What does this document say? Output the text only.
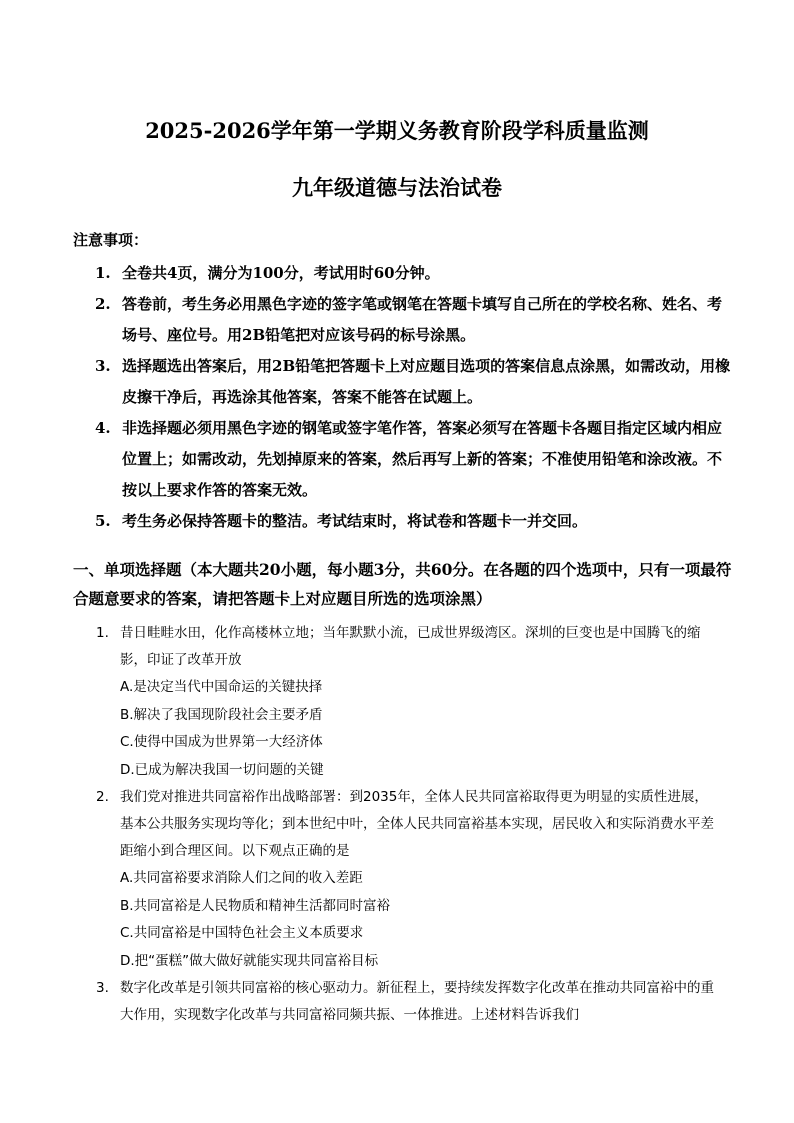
2025-2026学年第一学期义务教育阶段学科质量监测
九年级道德与法治试卷
注意事项：
1. 全卷共4页，满分为100分，考试用时60分钟。
2. 答卷前，考生务必用黑色字迹的签字笔或钢笔在答题卡填写自己所在的学校名称、姓名、考场号、座位号。用2B铅笔把对应该号码的标号涂黑。
3. 选择题选出答案后，用2B铅笔把答题卡上对应题目选项的答案信息点涂黑，如需改动，用橡皮擦干净后，再选涂其他答案，答案不能答在试题上。
4. 非选择题必须用黑色字迹的钢笔或签字笔作答，答案必须写在答题卡各题目指定区域内相应位置上；如需改动，先划掉原来的答案，然后再写上新的答案；不准使用铅笔和涂改液。不按以上要求作答的答案无效。
5. 考生务必保持答题卡的整洁。考试结束时，将试卷和答题卡一并交回。
一、单项选择题（本大题共20小题，每小题3分，共60分。在各题的四个选项中，只有一项最符合题意要求的答案，请把答题卡上对应题目所选的选项涂黑）
1. 昔日畦畦水田，化作高楼林立地；当年默默小流，已成世界级湾区。深圳的巨变也是中国腾飞的缩影，印证了改革开放
A.是决定当代中国命运的关键抉择
B.解决了我国现阶段社会主要矛盾
C.使得中国成为世界第一大经济体
D.已成为解决我国一切问题的关键
2. 我们党对推进共同富裕作出战略部署：到2035年，全体人民共同富裕取得更为明显的实质性进展，基本公共服务实现均等化；到本世纪中叶，全体人民共同富裕基本实现，居民收入和实际消费水平差距缩小到合理区间。以下观点正确的是
A.共同富裕要求消除人们之间的收入差距
B.共同富裕是人民物质和精神生活都同时富裕
C.共同富裕是中国特色社会主义本质要求
D.把“蛋糕”做大做好就能实现共同富裕目标
3. 数字化改革是引领共同富裕的核心驱动力。新征程上，要持续发挥数字化改革在推动共同富裕中的重大作用，实现数字化改革与共同富裕同频共振、一体推进。上述材料告诉我们
